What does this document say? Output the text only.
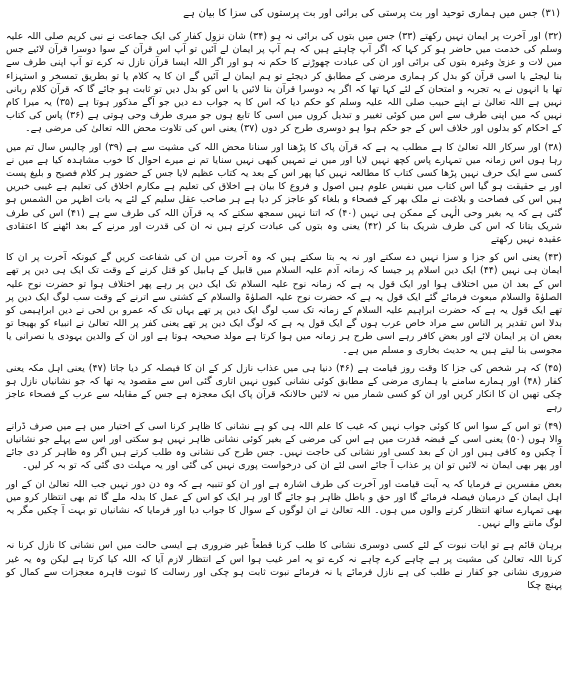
(۳۱) جس میں ہماری توحید اور بت پرستی کی برائی اور بت پرستوں کی سزا کا بیان ہے

(۳۲) اور آخرت پر ایمان نہیں رکھتے (۳۳) جس میں بتوں کی برائی نہ ہو (۳۴) شان نزول کفار کی ایک جماعت نے نبی کریم صلی اللہ علیہ وسلم کی خدمت میں حاضر ہو کر کہا کہ اگر آپ چاہتے ہیں کہ ہم آپ پر ایمان لے آئیں تو آپ اس قرآن کے سوا دوسرا قرآن لائیے جس میں لات و عزیٰ وغیرہ بتوں کی برائی اور ان کی عبادت چھوڑنے کا حکم نہ ہو اور اگر اللہ ایسا قرآن نازل نہ کرے تو آپ اپنی طرف سے بنا لیجئے یا اسی قرآن کو بدل کر ہماری مرضی کے مطابق کر دیجئے تو ہم ایمان لے آئیں گے ان کا یہ کلام یا تو بطریق تمسخر و استہزاء تھا یا انہوں نے یہ تجربہ و امتحان کے لئے کہا تھا کہ اگر یہ دوسرا قرآن بنا لائیں یا اس کو بدل دیں تو ثابت ہو جائے گا کہ قرآن کلام ربانی نہیں ہے اللہ تعالیٰ نے اپنے حبیب صلی اللہ علیہ وسلم کو حکم دیا کہ اس کا یہ جواب دے دیں جو آگے مذکور ہوتا ہے (۳۵) یہ میرا کام نہیں کہ میں اپنی طرف سے اس میں کوئی تغییر و تبدیل کروں میں اسی کا تابع ہوں جو میری طرف وحی ہوتی ہے (۳۶) پاس کی کتاب کے احکام کو بدلوں اور خلاف اس کے جو حکم ہوا ہو دوسری طرح کر دوں (۳۷) یعنی اس کی تلاوت محض اللہ تعالیٰ کی مرضی ہے۔

(۳۸) اور سرکار اللہ تعالیٰ کا ہے مطلب یہ ہے کہ قرآن پاک کا پڑھنا اور سنانا محض اللہ کی مشیت سے ہے (۳۹) اور چالیس سال تم میں رہا ہوں اس زمانہ میں تمہارے پاس کچھ نہیں لایا اور میں نے تمہیں کبھی نہیں سنایا تم نے میرے احوال کا خوب مشاہدہ کیا ہے میں نے کسی سے ایک حرف نہیں پڑھا کسی کتاب کا مطالعہ نہیں کیا پھر اس کے بعد یہ کتاب عظیم لایا جس کے حضور ہر کلام فصیح و بلیغ پست اور بے حقیقت ہو گیا اس کتاب میں نفیس علوم ہیں اصول و فروع کا بیان ہے اخلاق کی تعلیم ہے مکارم اخلاق کی تعلیم ہے غیبی خبریں ہیں اس کی فصاحت و بلاغت نے ملک بھر کے فصحاء و بلغاء کو عاجز کر دیا ہے ہر صاحب عقل سلیم کے لئے یہ بات اظہر من الشمس ہو گئی ہے کہ یہ بغیر وحی الٰہی کے ممکن ہی نہیں (۴۰) کہ اتنا نہیں سمجھ سکتے کہ یہ قرآن اللہ کی طرف سے ہے (۴۱) اس کی طرف شریک بتانا کہ اس کی طرف شریک بنا کر (۴۲) یعنی وہ بتوں کی عبادت کرتے ہیں نہ ان کی قدرت اور مرنے کے بعد اٹھنے کا اعتقادی عقیدہ نہیں رکھتے

(۴۳) یعنی اس کو جزا و سزا نہیں دے سکتے اور نہ یہ بتا سکتے ہیں کہ وہ آخرت میں ان کی شفاعت کریں گے کیونکہ آخرت پر ان کا ایمان ہی نہیں (۴۴) ایک دین اسلام پر جیسا کہ زمانہ آدم علیہ السلام میں قابیل کے ہابیل کو قتل کرنے کے وقت تک ایک ہی دین پر تھے اس کے بعد ان میں اختلاف ہوا اور ایک قول یہ ہے کہ زمانہ نوح علیہ السلام تک ایک دین پر رہے پھر اختلاف ہوا تو حضرت نوح علیہ الصلوٰۃ والسلام مبعوث فرمائے گئے ایک قول یہ ہے کہ حضرت نوح علیہ الصلوٰۃ والسلام کے کشتی سے اترنے کے وقت سب لوگ ایک دین پر تھے ایک قول یہ ہے کہ حضرت ابراہیم علیہ السلام کے زمانہ تک سب لوگ ایک دین پر تھے یہاں تک کہ عمرو بن لحی نے دین ابراہیمی کو بدلا اس تقدیر پر الناس سے مراد خاص عرب ہوں گے ایک قول یہ ہے کہ لوگ ایک دین پر تھے یعنی کفر پر اللہ تعالیٰ نے انبیاء کو بھیجا تو بعض ان پر ایمان لائے اور بعض کافر رہے اسی طرح ہر زمانہ میں ہوا کرتا ہے مولد صحیحہ ہوتا ہے اور ان کے والدین یہودی یا نصرانی یا مجوسی بنا لیتے ہیں یہ حدیث بخاری و مسلم میں ہے۔

(۴۵) کہ ہر شخص کی جزا کا وقت روز قیامت ہے (۴۶) دنیا ہی میں عذاب نازل کر کے ان کا فیصلہ کر دیا جاتا (۴۷) یعنی اہل مکہ یعنی کفار (۴۸) اور ہمارے سامنے یا ہماری مرضی کے مطابق کوئی نشانی کیوں نہیں اتاری گئی اس سے مقصود یہ تھا کہ جو نشانیاں نازل ہو چکی تھیں ان کا انکار کریں اور ان کو کسی شمار میں نہ لائیں حالانکہ قرآن پاک ایک معجزہ ہے جس کے مقابلہ سے عرب کے فصحاء عاجز رہے

(۴۹) تو اس کے سوا اس کا کوئی جواب نہیں کہ غیب کا علم اللہ ہی کو ہے نشانی کا ظاہر کرنا اسی کے اختیار میں ہے میں صرف ڈرانے والا ہوں (۵۰) یعنی اسی کے قبضہ قدرت میں ہے اس کی مرضی کے بغیر کوئی نشانی ظاہر نہیں ہو سکتی اور اس سے پہلے جو نشانیاں آ چکیں وہ کافی ہیں اور ان کے بعد کسی اور نشانی کی حاجت نہیں۔ جس طرح کی نشانی وہ طلب کرتے ہیں اگر وہ ظاہر کر دی جائے اور پھر بھی ایمان نہ لائیں تو ان پر عذاب آ جائے اسی لئے ان کی درخواست پوری نہیں کی گئی اور یہ مہلت دی گئی کہ تو بہ کر لیں۔

بعض مفسرین نے فرمایا کہ یہ آیت قیامت اور آخرت کی طرف اشارہ ہے اور ان کو تنبیہ ہے کہ وہ دن دور نہیں جب اللہ تعالیٰ ان کے اور اہل ایمان کے درمیان فیصلہ فرمائے گا اور حق و باطل ظاہر ہو جائے گا اور ہر ایک کو اس کے عمل کا بدلہ ملے گا تم بھی انتظار کرو میں بھی تمہارے ساتھ انتظار کرنے والوں میں ہوں۔ اللہ تعالیٰ نے ان لوگوں کے سوال کا جواب دیا اور فرمایا کہ نشانیاں تو بہت آ چکیں مگر یہ لوگ ماننے والے نہیں۔

برہان قائم ہے تو ایات نبوت کے لئے کسی دوسری نشانی کا طلب کرنا قطعاً غیر ضروری ہے ایسی حالت میں اس نشانی کا نازل کرنا نہ کرنا اللہ تعالیٰ کی مشیت پر ہے چاہے کرے چاہے نہ کرے تو یہ امر غیب ہوا اس کے انتظار لازم آیا کہ اللہ کیا کرتا ہے لیکن وہ یہ غیر ضروری نشانی جو کفار نے طلب کی ہے نازل فرمائے یا نہ فرمائے نبوت ثابت ہو چکی اور رسالت کا ثبوت قاہرہ معجزات سے کمال کو پہنچ چکا
